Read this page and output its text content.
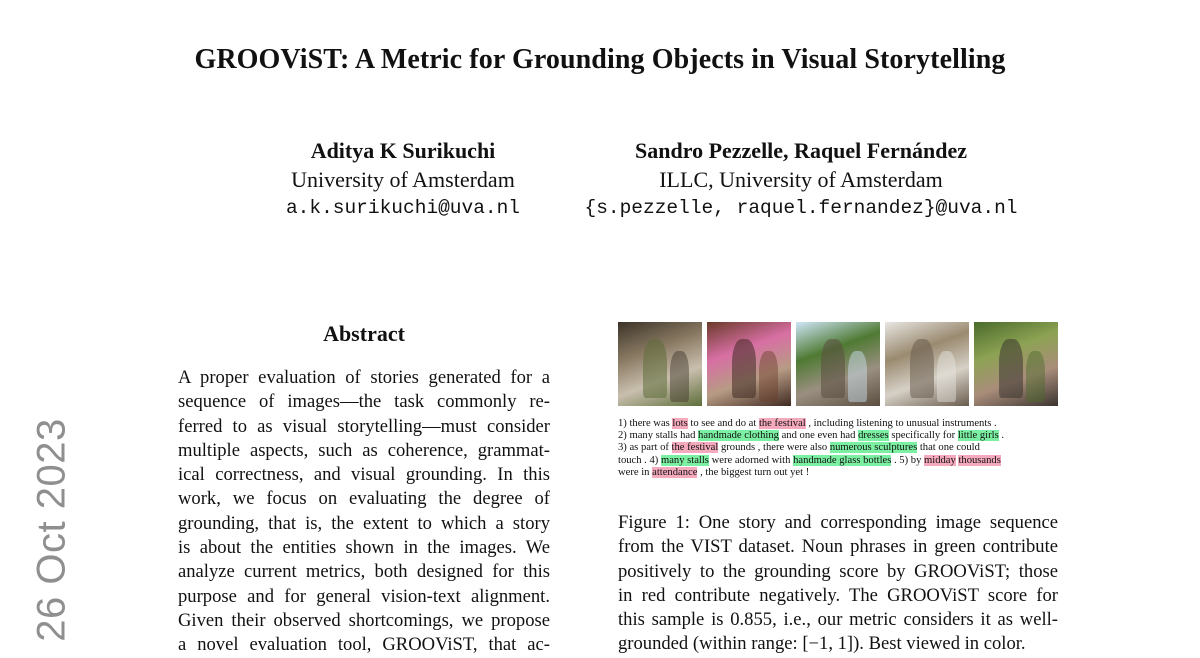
GROOViST: A Metric for Grounding Objects in Visual Storytelling
Aditya K Surikuchi
University of Amsterdam
a.k.surikuchi@uva.nl
Sandro Pezzelle, Raquel Fernández
ILLC, University of Amsterdam
{s.pezzelle, raquel.fernandez}@uva.nl
26 Oct 2023
Abstract
A proper evaluation of stories generated for a
sequence of images—the task commonly re-
ferred to as visual storytelling—must consider
multiple aspects, such as coherence, grammat-
ical correctness, and visual grounding. In this
work, we focus on evaluating the degree of
grounding, that is, the extent to which a story
is about the entities shown in the images. We
analyze current metrics, both designed for this
purpose and for general vision-text alignment.
Given their observed shortcomings, we propose
a novel evaluation tool, GROOViST, that ac-
1) there was lots to see and do at the festival , including listening to unusual instruments .
2) many stalls had handmade clothing and one even had dresses specifically for little girls .
3) as part of the festival grounds , there were also numerous sculptures that one could
touch . 4) many stalls were adorned with handmade glass bottles . 5) by midday thousands
were in attendance , the biggest turn out yet !
Figure 1: One story and corresponding image sequence
from the VIST dataset. Noun phrases in green contribute
positively to the grounding score by GROOViST; those
in red contribute negatively. The GROOViST score for
this sample is 0.855, i.e., our metric considers it as well-
grounded (within range: [−1, 1]). Best viewed in color.
